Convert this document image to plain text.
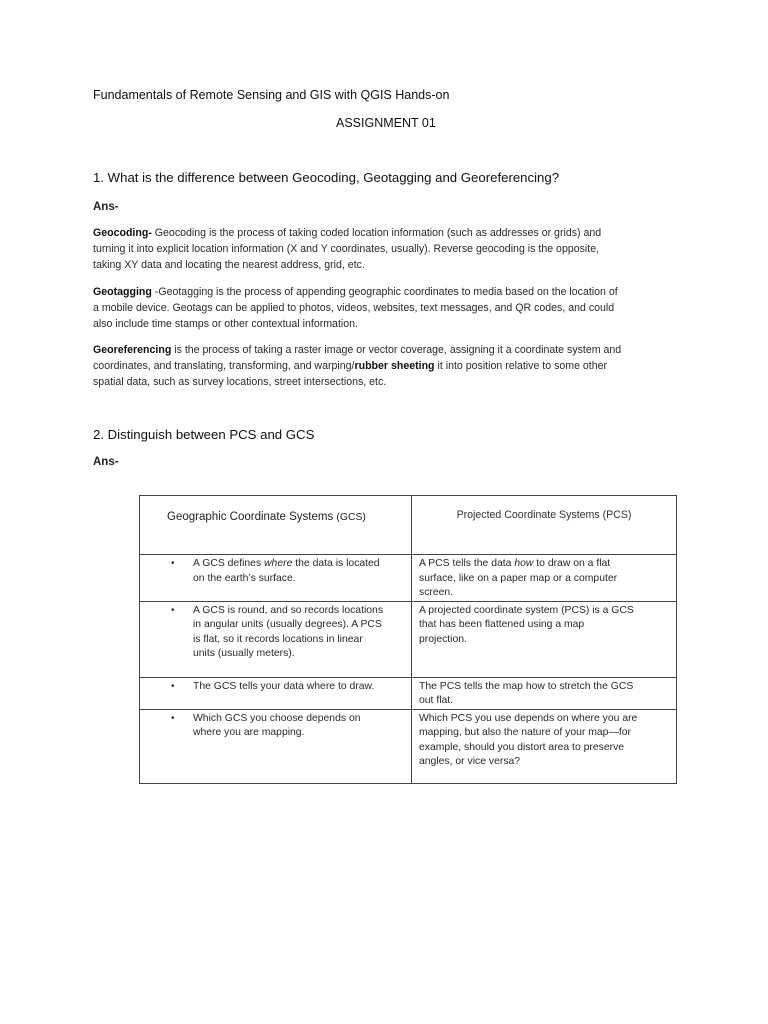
Fundamentals of Remote Sensing and GIS with QGIS Hands-on
ASSIGNMENT 01
1. What is the difference between Geocoding, Geotagging and Georeferencing?
Ans-
Geocoding- Geocoding is the process of taking coded location information (such as addresses or grids) and
turning it into explicit location information (X and Y coordinates, usually). Reverse geocoding is the opposite,
taking XY data and locating the nearest address, grid, etc.
Geotagging -Geotagging is the process of appending geographic coordinates to media based on the location of
a mobile device. Geotags can be applied to photos, videos, websites, text messages, and QR codes, and could
also include time stamps or other contextual information.
Georeferencing is the process of taking a raster image or vector coverage, assigning it a coordinate system and
coordinates, and translating, transforming, and warping/rubber sheeting it into position relative to some other
spatial data, such as survey locations, street intersections, etc.
2. Distinguish between PCS and GCS
Ans-
Geographic Coordinate Systems (GCS)	Projected Coordinate Systems (PCS)

• A GCS defines where the data is located
on the earth’s surface.	A PCS tells the data how to draw on a flat
surface, like on a paper map or a computer
screen.

• A GCS is round, and so records locations
in angular units (usually degrees). A PCS
is flat, so it records locations in linear
units (usually meters).	A projected coordinate system (PCS) is a GCS
that has been flattened using a map
projection.

• The GCS tells your data where to draw.	The PCS tells the map how to stretch the GCS
out flat.

• Which GCS you choose depends on
where you are mapping.	Which PCS you use depends on where you are
mapping, but also the nature of your map—for
example, should you distort area to preserve
angles, or vice versa?
